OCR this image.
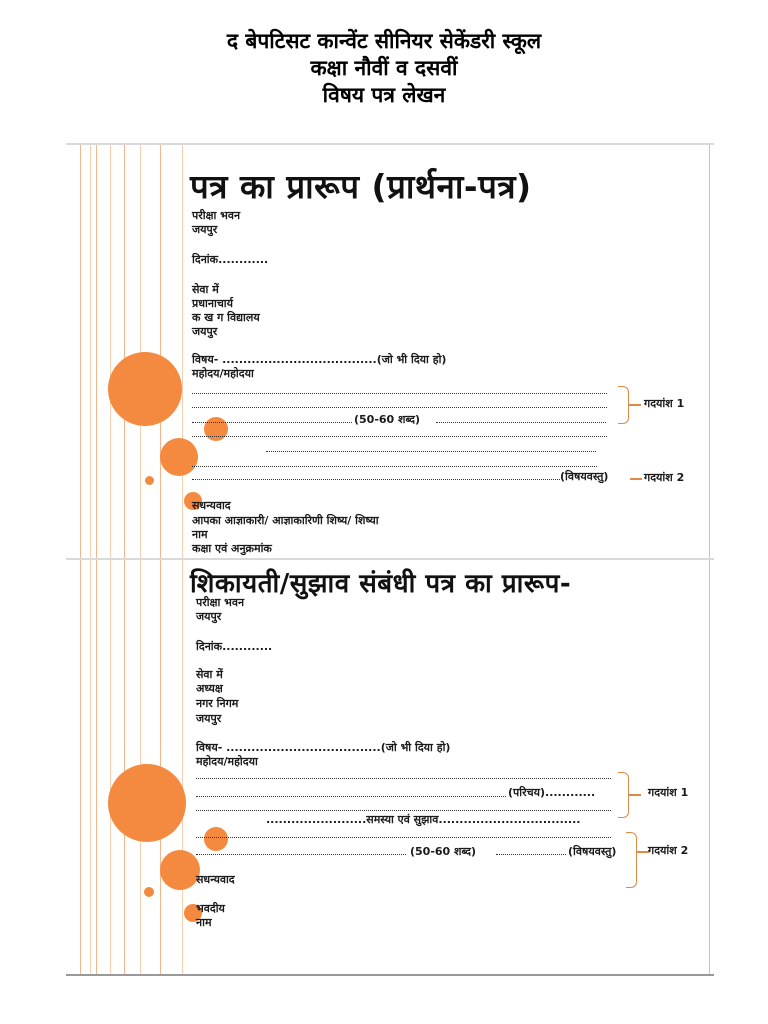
द बेपटिसट कान्वेंट सीनियर सेकेंडरी स्कूल
कक्षा नौवीं व दसवीं
विषय पत्र लेखन
पत्र का प्रारूप (प्रार्थना-पत्र)
परीक्षा भवन
जयपुर
दिनांक............
सेवा में
प्रधानाचार्य
क ख ग विद्यालय
जयपुर
विषय- .....................................(जो भी दिया हो)
महोदय/महोदया
(50-60 शब्द)
(विषयवस्तु)
गदयांश 1
गदयांश 2
सधन्यवाद
आपका आज्ञाकारी/ आज्ञाकारिणी शिष्य/ शिष्या
नाम
कक्षा एवं अनुक्रमांक
शिकायती/सुझाव संबंधी पत्र का प्रारूप-
परीक्षा भवन
जयपुर
दिनांक............
सेवा में
अध्यक्ष
नगर निगम
जयपुर
विषय- .....................................(जो भी दिया हो)
महोदय/महोदया
(परिचय)............
........................समस्या एवं सुझाव..................................
(50-60 शब्द)	(विषयवस्तु)
गदयांश 1
गदयांश 2
सधन्यवाद
भवदीय
नाम
